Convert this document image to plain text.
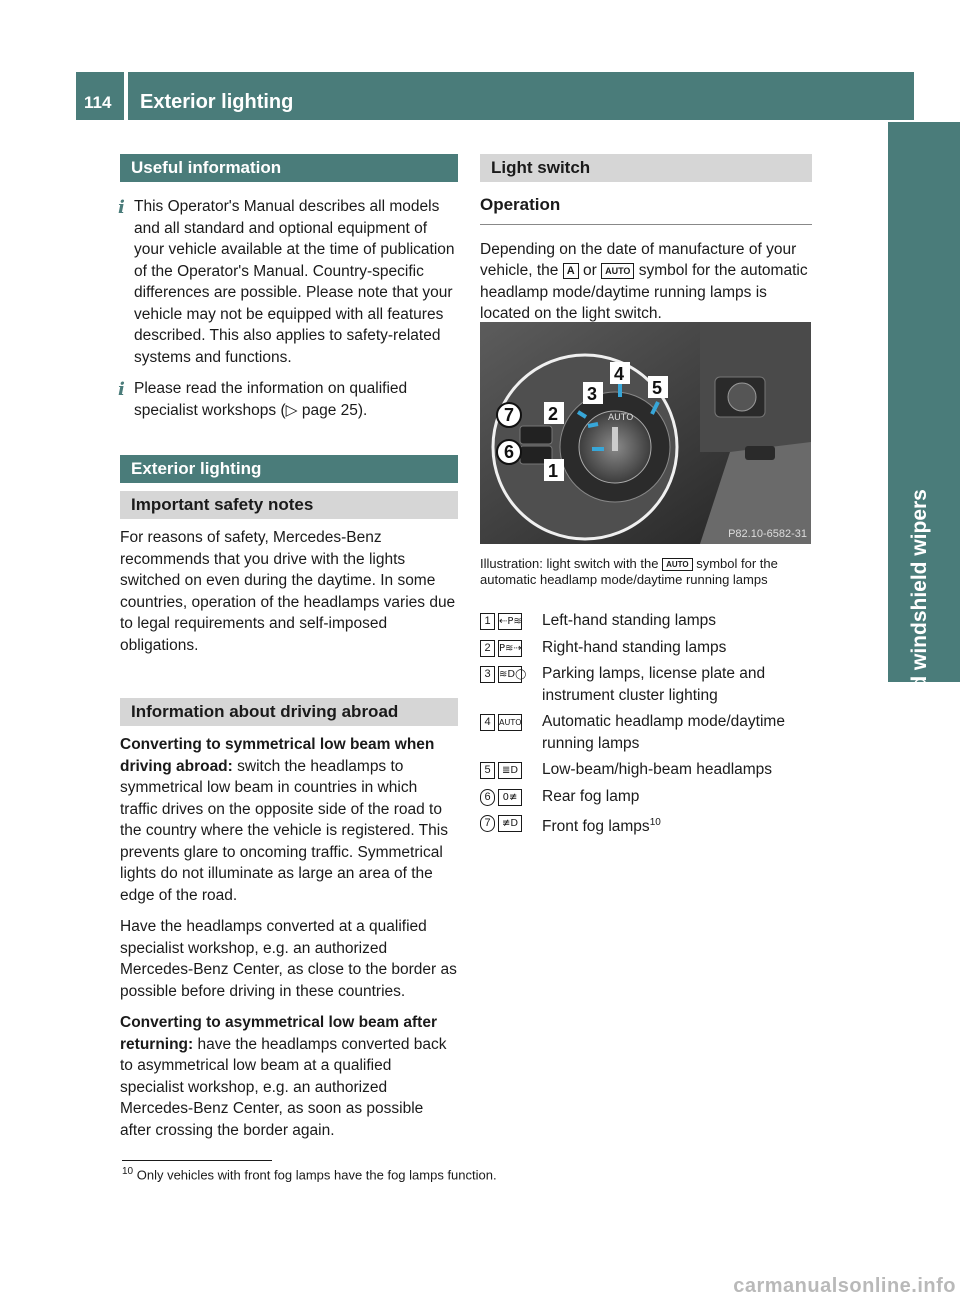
114 Exterior lighting
Lights and windshield wipers
Useful information
i This Operator's Manual describes all models and all standard and optional equipment of your vehicle available at the time of publication of the Operator's Manual. Country-specific differences are possible. Please note that your vehicle may not be equipped with all features described. This also applies to safety-related systems and functions.
i Please read the information on qualified specialist workshops (▷ page 25).
Exterior lighting
Important safety notes

For reasons of safety, Mercedes-Benz recommends that you drive with the lights switched on even during the daytime. In some countries, operation of the headlamps varies due to legal requirements and self-imposed obligations.

Information about driving abroad

Converting to symmetrical low beam when driving abroad: switch the headlamps to symmetrical low beam in countries in which traffic drives on the opposite side of the road to the country where the vehicle is registered. This prevents glare to oncoming traffic. Symmetrical lights do not illuminate as large an area of the edge of the road.

Have the headlamps converted at a qualified specialist workshop, e.g. an authorized Mercedes-Benz Center, as close to the border as possible before driving in these countries.

Converting to asymmetrical low beam after returning: have the headlamps converted back to asymmetrical low beam at a qualified specialist workshop, e.g. an authorized Mercedes-Benz Center, as soon as possible after crossing the border again.

Light switch
Operation

Depending on the date of manufacture of your vehicle, the A or AUTO symbol for the automatic headlamp mode/daytime running lamps is located on the light switch.

AUTO
1
2
3
4
5
6
7
P82.10-6582-31
Illustration: light switch with the AUTO symbol for the automatic headlamp mode/daytime running lamps
1 ⇠P≋ Left-hand standing lamps
2 P≋⇢ Right-hand standing lamps
3 ≋D◯ Parking lamps, license plate and instrument cluster lighting
4	AUTO Automatic headlamp mode/daytime running lamps
5	≣D Low-beam/high-beam headlamps
6	0≢ Rear fog lamp
7	≢D Front fog lamps$^{10}$
$^{10}$ Only vehicles with front fog lamps have the fog lamps function.
carmanualsonline.info
